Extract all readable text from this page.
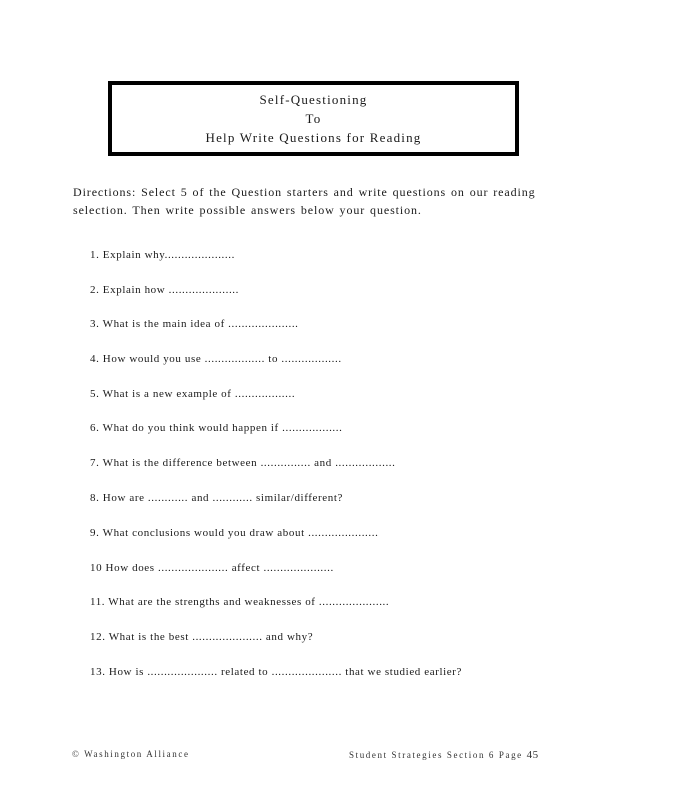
Self-Questioning
To
Help Write Questions for Reading
Directions: Select 5 of the Question starters and write questions on our reading
selection. Then write possible answers below your question.
1. Explain why.....................
2. Explain how .....................
3. What is the main idea of .....................
4. How would you use .................. to ..................
5. What is a new example of ..................
6. What do you think would happen if ..................
7. What is the difference between ............... and ..................
8. How are ............ and ............ similar/different?
9. What conclusions would you draw about .....................
10 How does ..................... affect .....................
11. What are the strengths and weaknesses of .....................
12. What is the best ..................... and why?
13. How is ..................... related to ..................... that we studied earlier?
© Washington Alliance	Student Strategies Section 6 Page 45
